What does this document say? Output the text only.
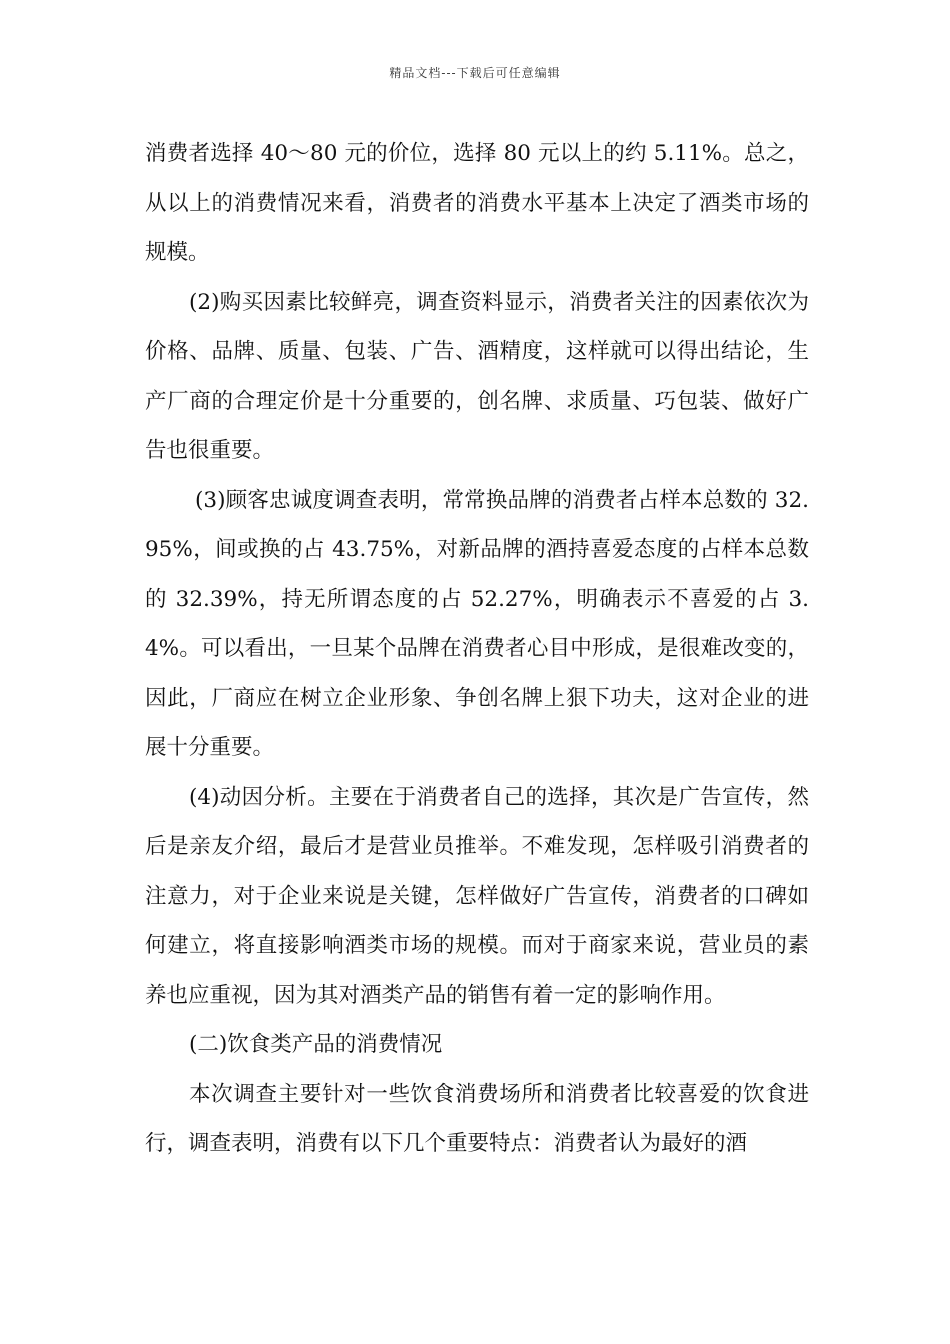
精品文档---下载后可任意编辑

消费者选择 40～80 元的价位，选择 80 元以上的约 5.11%。总之，从以上的消费情况来看，消费者的消费水平基本上决定了酒类市场的规模。

(2)购买因素比较鲜亮，调查资料显示，消费者关注的因素依次为价格、品牌、质量、包装、广告、酒精度，这样就可以得出结论，生产厂商的合理定价是十分重要的，创名牌、求质量、巧包装、做好广告也很重要。

(3)顾客忠诚度调查表明，常常换品牌的消费者占样本总数的 32.95%，间或换的占 43.75%，对新品牌的酒持喜爱态度的占样本总数的 32.39%，持无所谓态度的占 52.27%，明确表示不喜爱的占 3.4%。可以看出，一旦某个品牌在消费者心目中形成，是很难改变的，因此，厂商应在树立企业形象、争创名牌上狠下功夫，这对企业的进展十分重要。

(4)动因分析。主要在于消费者自己的选择，其次是广告宣传，然后是亲友介绍，最后才是营业员推举。不难发现，怎样吸引消费者的注意力，对于企业来说是关键，怎样做好广告宣传，消费者的口碑如何建立，将直接影响酒类市场的规模。而对于商家来说，营业员的素养也应重视，因为其对酒类产品的销售有着一定的影响作用。

(二)饮食类产品的消费情况

本次调查主要针对一些饮食消费场所和消费者比较喜爱的饮食进行，调查表明，消费有以下几个重要特点：消费者认为最好的酒
